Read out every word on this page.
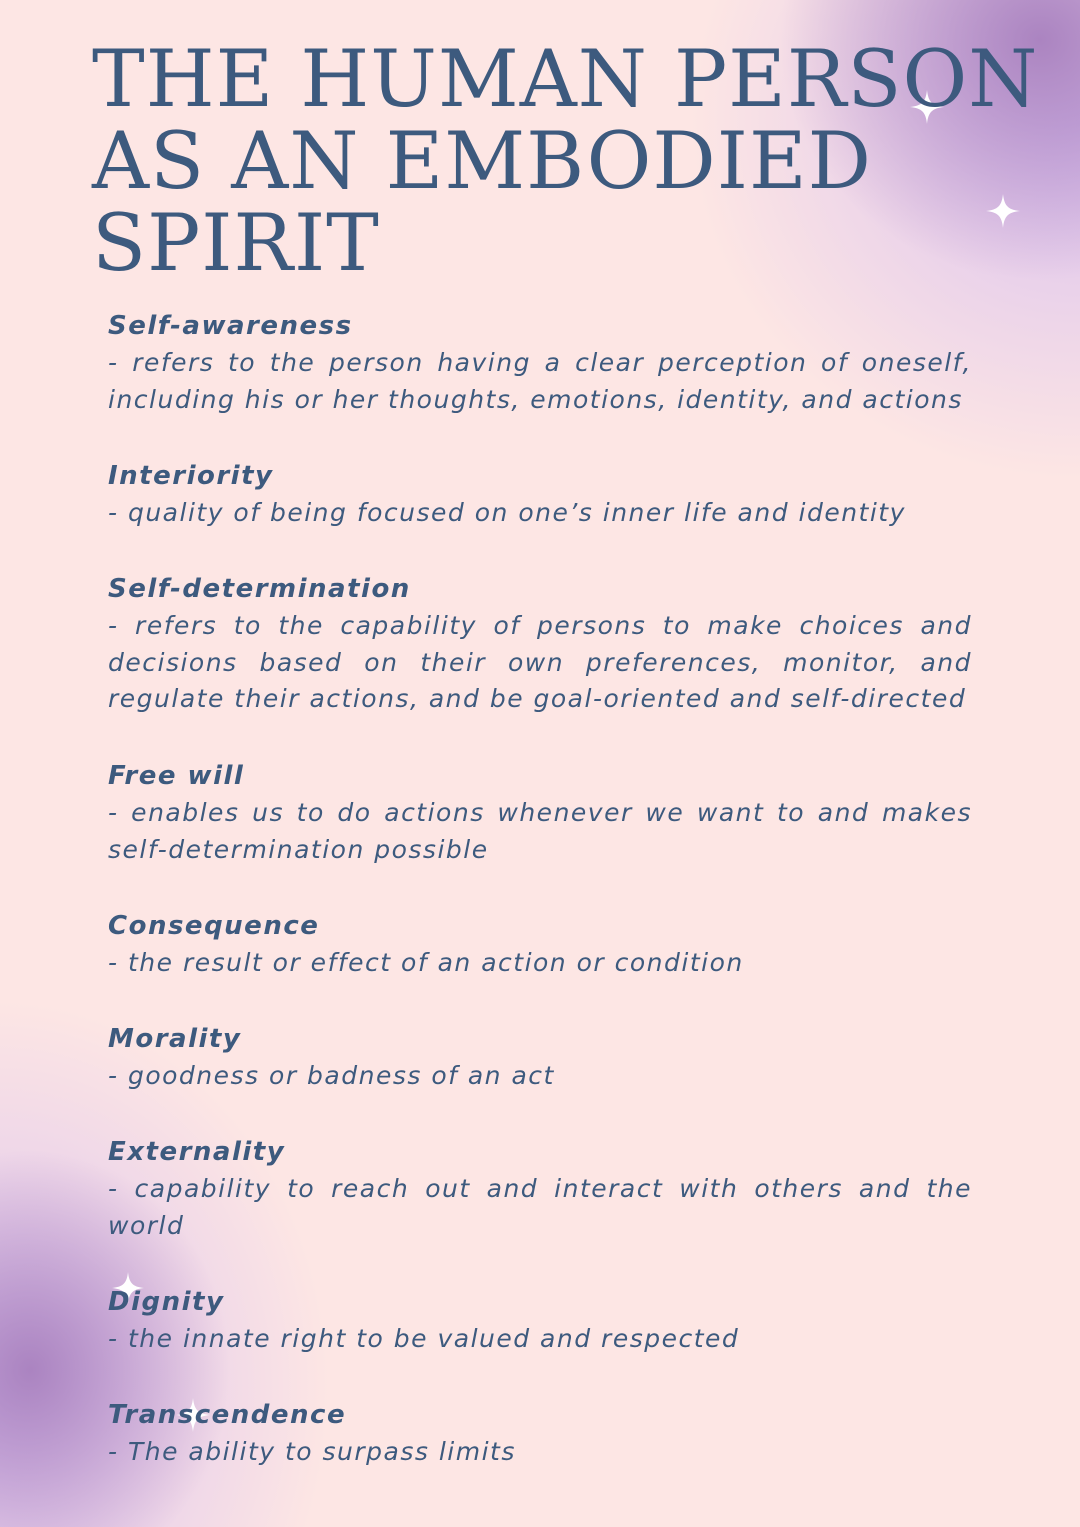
THE HUMAN PERSON
AS AN EMBODIED
SPIRIT
Self-awareness

- refers to the person having a clear perception of oneself, including his or her thoughts, emotions, identity, and actions

Interiority

- quality of being focused on one’s inner life and identity

Self-determination

- refers to the capability of persons to make choices and decisions based on their own preferences, monitor, and regulate their actions, and be goal-oriented and self-directed

Free will

- enables us to do actions whenever we want to and makes self-determination possible

Consequence

- the result or effect of an action or condition

Morality

- goodness or badness of an act

Externality

- capability to reach out and interact with others and the world

Dignity

- the innate right to be valued and respected

Transcendence

- The ability to surpass limits
